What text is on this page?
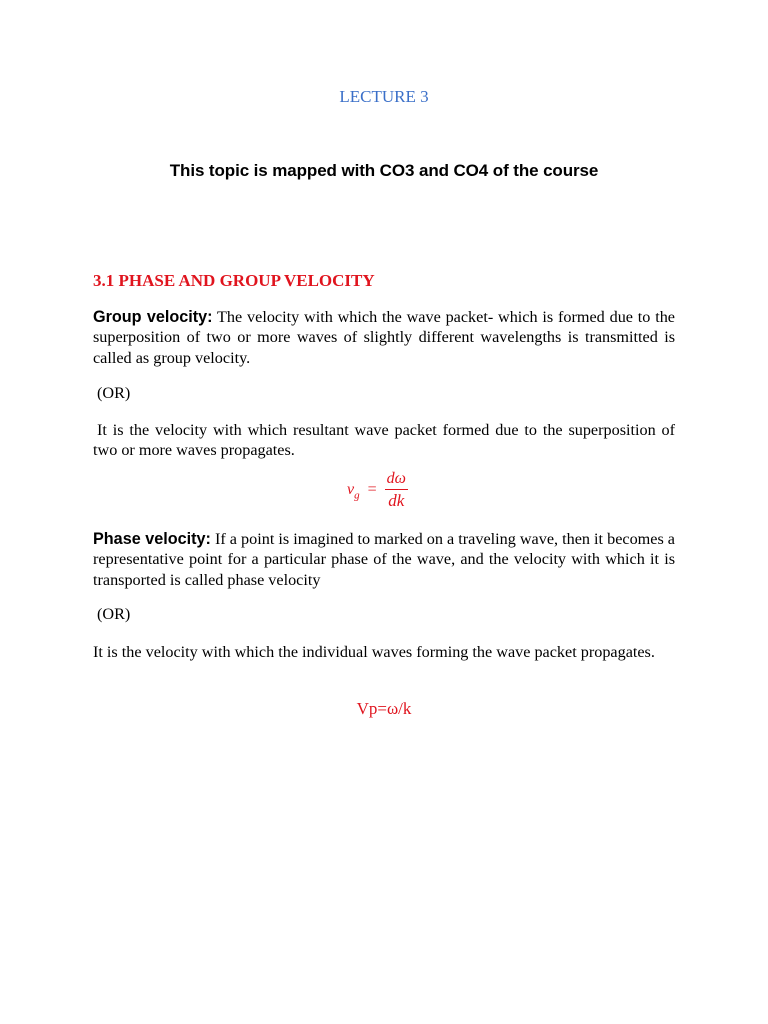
LECTURE 3
This topic is mapped with CO3 and CO4 of the course
3.1 PHASE AND GROUP VELOCITY
Group velocity: The velocity with which the wave packet- which is formed due to the superposition of two or more waves of slightly different wavelengths is transmitted is called as group velocity.
(OR)
It is the velocity with which resultant wave packet formed due to the superposition of two or more waves propagates.
$v_g = \frac{d\omega}{dk}$
Phase velocity: If a point is imagined to marked on a traveling wave, then it becomes a representative point for a particular phase of the wave, and the velocity with which it is transported is called phase velocity
(OR)
It is the velocity with which the individual waves forming the wave packet propagates.
Vp=ω/k
